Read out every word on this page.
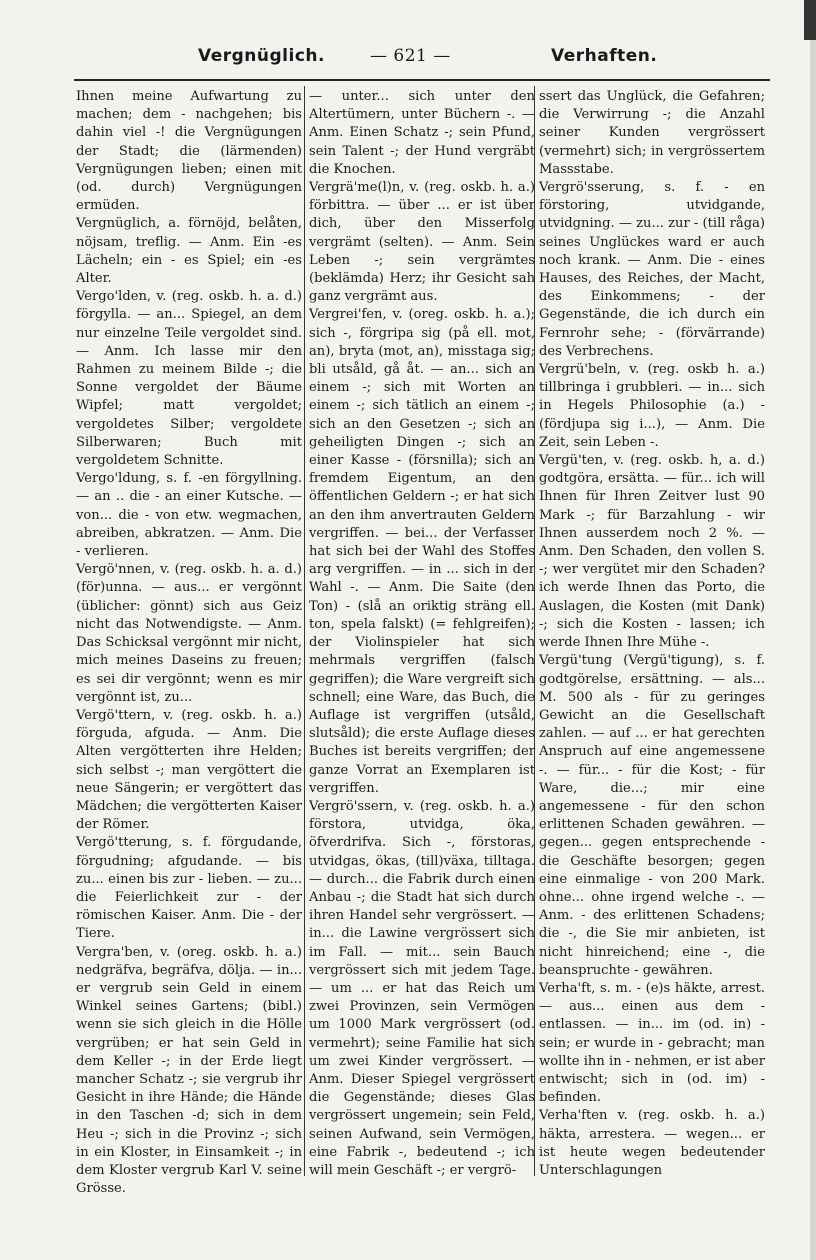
Vergnüglich.	— 621 —	Verhaften.

Ihnen meine Aufwartung zu machen; dem - nachgehen; bis dahin viel -! die Vergnügungen der Stadt; die (lärmenden) Vergnügungen lieben; einen mit (od. durch) Vergnügungen ermüden.

Vergnüglich, a. förnöjd, belåten, nöjsam, treflig. — Anm. Ein -es Lächeln; ein - es Spiel; ein -es Alter.

Vergo'lden, v. (reg. oskb. h. a. d.) förgylla. — an... Spiegel, an dem nur einzelne Teile vergoldet sind. — Anm. Ich lasse mir den Rahmen zu meinem Bilde -; die Sonne vergoldet der Bäume Wipfel; matt vergoldet; vergoldetes Silber; vergoldete Silberwaren; Buch mit vergoldetem Schnitte.

Vergo'ldung, s. f. -en förgyllning. — an .. die - an einer Kutsche. — von... die - von etw. wegmachen, abreiben, abkratzen. — Anm. Die - verlieren.

Vergö'nnen, v. (reg. oskb. h. a. d.) (för)unna. — aus... er vergönnt (üblicher: gönnt) sich aus Geiz nicht das Notwendigste. — Anm. Das Schicksal vergönnt mir nicht, mich meines Daseins zu freuen; es sei dir vergönnt; wenn es mir vergönnt ist, zu...

Vergö'ttern, v. (reg. oskb. h. a.) förguda, afguda. — Anm. Die Alten vergötterten ihre Helden; sich selbst -; man vergöttert die neue Sängerin; er vergöttert das Mädchen; die vergötterten Kaiser der Römer.

Vergö'tterung, s. f. förgudande, förgudning; afgudande. — bis zu... einen bis zur - lieben. — zu... die Feierlichkeit zur - der römischen Kaiser. Anm. Die - der Tiere.

Vergra'ben, v. (oreg. oskb. h. a.) nedgräfva, begräfva, dölja. — in... er vergrub sein Geld in einem Winkel seines Gartens; (bibl.) wenn sie sich gleich in die Hölle vergrüben; er hat sein Geld in dem Keller -; in der Erde liegt mancher Schatz -; sie vergrub ihr Gesicht in ihre Hände; die Hände in den Taschen -d; sich in dem Heu -; sich in die Provinz -; sich in ein Kloster, in Einsamkeit -; in dem Kloster vergrub Karl V. seine Grösse.

— unter... sich unter den Altertümern, unter Büchern -. — Anm. Einen Schatz -; sein Pfund, sein Talent -; der Hund vergräbt die Knochen.

Vergrä'me(l)n, v. (reg. oskb. h. a.) förbittra. — über ... er ist über dich, über den Misserfolg vergrämt (selten). — Anm. Sein Leben -; sein vergrämtes (beklämda) Herz; ihr Gesicht sah ganz vergrämt aus.

Vergrei'fen, v. (oreg. oskb. h. a.); sich -, förgripa sig (på ell. mot, an), bryta (mot, an), misstaga sig; bli utsåld, gå åt. — an... sich an einem -; sich mit Worten an einem -; sich tätlich an einem -; sich an den Gesetzen -; sich an geheiligten Dingen -; sich an einer Kasse - (försnilla); sich an fremdem Eigentum, an den öffentlichen Geldern -; er hat sich an den ihm anvertrauten Geldern vergriffen. — bei... der Verfasser hat sich bei der Wahl des Stoffes arg vergriffen. — in ... sich in der Wahl -. — Anm. Die Saite (den Ton) - (slå an oriktig sträng ell. ton, spela falskt) (= fehlgreifen); der Violinspieler hat sich mehrmals vergriffen (falsch gegriffen); die Ware vergreift sich schnell; eine Ware, das Buch, die Auflage ist vergriffen (utsåld, slutsåld); die erste Auflage dieses Buches ist bereits vergriffen; der ganze Vorrat an Exemplaren ist vergriffen.

Vergrö'ssern, v. (reg. oskb. h. a.) förstora, utvidga, öka, öfverdrifva. Sich -, förstoras, utvidgas, ökas, (till)växa, tilltaga. — durch... die Fabrik durch einen Anbau -; die Stadt hat sich durch ihren Handel sehr vergrössert. — in... die Lawine vergrössert sich im Fall. — mit... sein Bauch vergrössert sich mit jedem Tage. — um ... er hat das Reich um zwei Provinzen, sein Vermögen um 1000 Mark vergrössert (od. vermehrt); seine Familie hat sich um zwei Kinder vergrössert. — Anm. Dieser Spiegel vergrössert die Gegenstände; dieses Glas vergrössert ungemein; sein Feld, seinen Aufwand, sein Vermögen, eine Fabrik -, bedeutend -; ich will mein Geschäft -; er vergrö-

ssert das Unglück, die Gefahren; die Verwirrung -; die Anzahl seiner Kunden vergrössert (vermehrt) sich; in vergrössertem Massstabe.

Vergrö'sserung, s. f. - en förstoring, utvidgande, utvidgning. — zu... zur - (till råga) seines Unglückes ward er auch noch krank. — Anm. Die - eines Hauses, des Reiches, der Macht, des Einkommens; - der Gegenstände, die ich durch ein Fernrohr sehe; - (förvärrande) des Verbrechens.

Vergrü'beln, v. (reg. oskb h. a.) tillbringa i grubbleri. — in... sich in Hegels Philosophie (a.) - (fördjupa sig i...), — Anm. Die Zeit, sein Leben -.

Vergü'ten, v. (reg. oskb. h, a. d.) godtgöra, ersätta. — für... ich will Ihnen für Ihren Zeitver lust 90 Mark -; für Barzahlung - wir Ihnen ausserdem noch 2 %. — Anm. Den Schaden, den vollen S. -; wer vergütet mir den Schaden? ich werde Ihnen das Porto, die Auslagen, die Kosten (mit Dank) -; sich die Kosten - lassen; ich werde Ihnen Ihre Mühe -.

Vergü'tung (Vergü'tigung), s. f. godtgörelse, ersättning. — als... M. 500 als - für zu geringes Gewicht an die Gesellschaft zahlen. — auf ... er hat gerechten Anspruch auf eine angemessene -. — für... - für die Kost; - für Ware, die...; mir eine angemessene - für den schon erlittenen Schaden gewähren. — gegen... gegen entsprechende - die Geschäfte besorgen; gegen eine einmalige - von 200 Mark. ohne... ohne irgend welche -. — Anm. - des erlittenen Schadens; die -, die Sie mir anbieten, ist nicht hinreichend; eine -, die beanspruchte - gewähren.

Verha'ft, s. m. - (e)s häkte, arrest. — aus... einen aus dem - entlassen. — in... im (od. in) - sein; er wurde in - gebracht; man wollte ihn in - nehmen, er ist aber entwischt; sich in (od. im) - befinden.

Verha'ften v. (reg. oskb. h. a.) häkta, arrestera. — wegen... er ist heute wegen bedeutender Unterschlagungen
